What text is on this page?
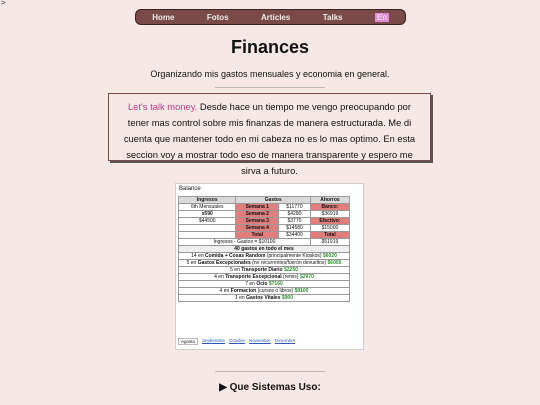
>
Home	Fotos	Articles	Talks	En
Finances
Organizando mis gastos mensuales y economia en general.
Let's talk money. Desde hace un tiempo me vengo preocupando por tener mas control sobre mis finanzas de manera estructurada. Me di cuenta que mantener todo en mi cabeza no es lo mas optimo. En esta seccion voy a mostrar todo eso de manera transparente y espero me sirva a futuro.
Balance
Ingresos	Gastos		Ahorros
6th Mensuales	Semana 1	$11770	Banco:
x590	Semana 2	$4280	$36919
$44500	Semana 3	$3770	Efectivo:
	Semana 4	$14580	$15000
	Total	$34400	Total
Ingresos - Gastos = $10100			$51919
40 gastos en todo el mes			
14 en Comida + Cosas Random (principalmente Kioskos) $6020			
5 en Gastos Excepcionales (no recurrentes/fuerón devueltos) $6000			
5 en Transporte Diario $2250			
4 en Transporte Excepcional (remis) $2970			
7 en Ocio $7160			
4 en Formacion (cursos o libros) $9100			
1 en Gastos Vitales $900			
Agosto	Septiembre Octubre Noviembre Diciembre
▶ Que Sistemas Uso:
